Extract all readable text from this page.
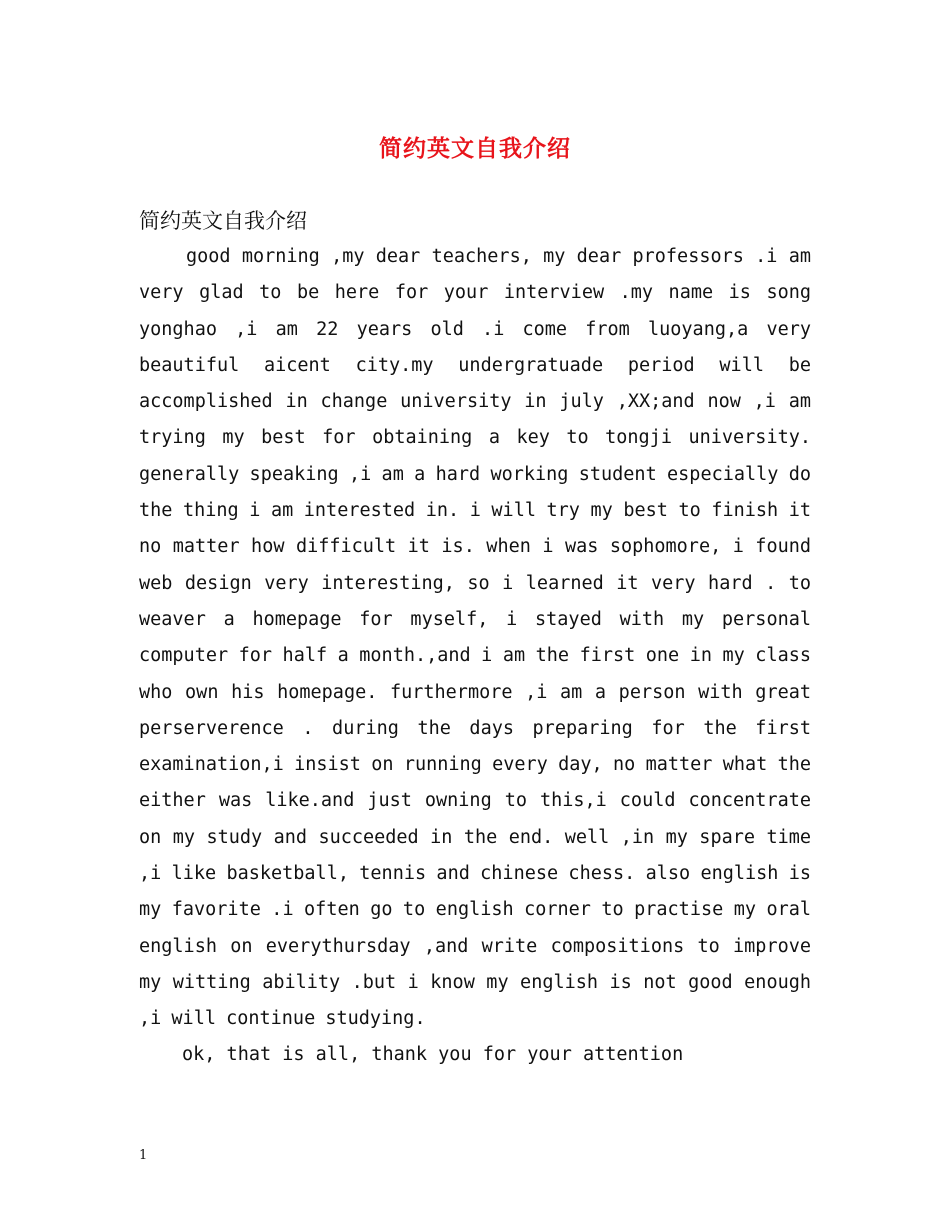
简约英文自我介绍
简约英文自我介绍
good morning ,my dear teachers, my dear professors .i am very glad to be here for your interview .my name is song yonghao ,i am 22 years old .i come from luoyang,a very beautiful aicent city.my undergratuade period will be accomplished in change university in july ,XX;and now ,i am trying my best for obtaining a key to tongji university. generally speaking ,i am a hard working student especially do the thing i am interested in. i will try my best to finish it no matter how difficult it is. when i was sophomore, i found web design very interesting, so i learned it very hard . to weaver a homepage for myself, i stayed with my personal computer for half a month.,and i am the first one in my class who own his homepage. furthermore ,i am a person with great perserverence . during the days preparing for the first examination,i insist on running every day, no matter what the either was like.and just owning to this,i could concentrate on my study and succeeded in the end. well ,in my spare time ,i like basketball, tennis and chinese chess. also english is my favorite .i often go to english corner to practise my oral english on everythursday ,and write compositions to improve my witting ability .but i know my english is not good enough ,i will continue studying.
ok, that is all, thank you for your attention
1
